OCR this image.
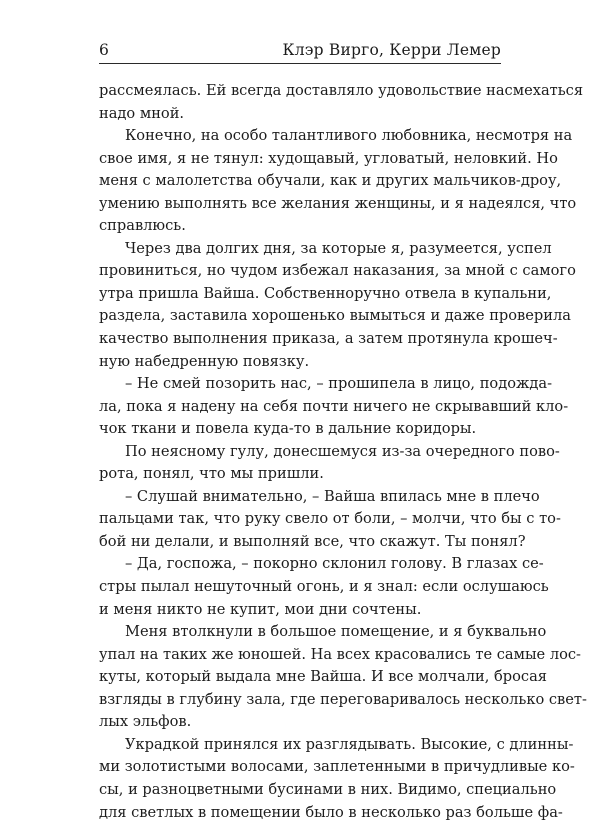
6	Клэр Вирго, Керри Лемер
рассмеялась. Ей всегда доставляло удовольствие насмехаться
надо мной.
Конечно, на особо талантливого любовника, несмотря на
свое имя, я не тянул: худощавый, угловатый, неловкий. Но
меня с малолетства обучали, как и других мальчиков-дроу,
умению выполнять все желания женщины, и я надеялся, что
справлюсь.
Через два долгих дня, за которые я, разумеется, успел
провиниться, но чудом избежал наказания, за мной с самого
утра пришла Вайша. Собственноручно отвела в купальни,
раздела, заставила хорошенько вымыться и даже проверила
качество выполнения приказа, а затем протянула крошеч-
ную набедренную повязку.
– Не смей позорить нас, – прошипела в лицо, подожда-
ла, пока я надену на себя почти ничего не скрывавший кло-
чок ткани и повела куда-то в дальние коридоры.
По неясному гулу, донесшемуся из-за очередного пово-
рота, понял, что мы пришли.
– Слушай внимательно, – Вайша впилась мне в плечо
пальцами так, что руку свело от боли, – молчи, что бы с то-
бой ни делали, и выполняй все, что скажут. Ты понял?
– Да, госпожа, – покорно склонил голову. В глазах се-
стры пылал нешуточный огонь, и я знал: если ослушаюсь
и меня никто не купит, мои дни сочтены.
Меня втолкнули в большое помещение, и я буквально
упал на таких же юношей. На всех красовались те самые лос-
куты, который выдала мне Вайша. И все молчали, бросая
взгляды в глубину зала, где переговаривалось несколько свет-
лых эльфов.
Украдкой принялся их разглядывать. Высокие, с длинны-
ми золотистыми волосами, заплетенными в причудливые ко-
сы, и разноцветными бусинами в них. Видимо, специально
для светлых в помещении было в несколько раз больше фа-
